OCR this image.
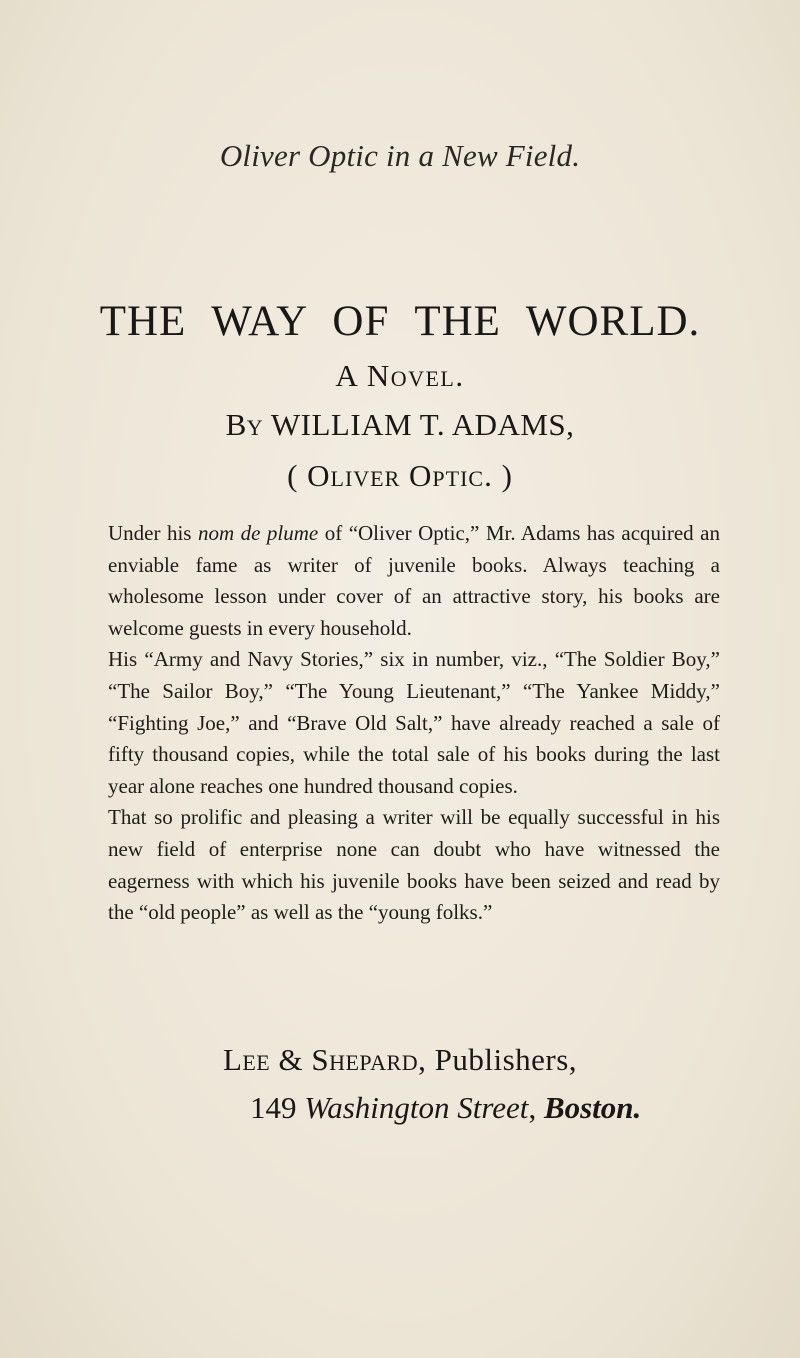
Oliver Optic in a New Field.
THE WAY OF THE WORLD.
A Novel.
By WILLIAM T. ADAMS,
( Oliver Optic. )

Under his nom de plume of “Oliver Optic,” Mr. Adams has acquired an enviable fame as writer of juvenile books. Always teaching a wholesome lesson under cover of an attractive story, his books are welcome guests in every household.

His “Army and Navy Stories,” six in number, viz., “The Soldier Boy,” “The Sailor Boy,” “The Young Lieutenant,” “The Yankee Middy,” “Fighting Joe,” and “Brave Old Salt,” have already reached a sale of fifty thousand copies, while the total sale of his books during the last year alone reaches one hundred thousand copies.

That so prolific and pleasing a writer will be equally successful in his new field of enterprise none can doubt who have witnessed the eagerness with which his juvenile books have been seized and read by the “old people” as well as the “young folks.”

Lee & Shepard, Publishers,
149 Washington Street, Boston.
